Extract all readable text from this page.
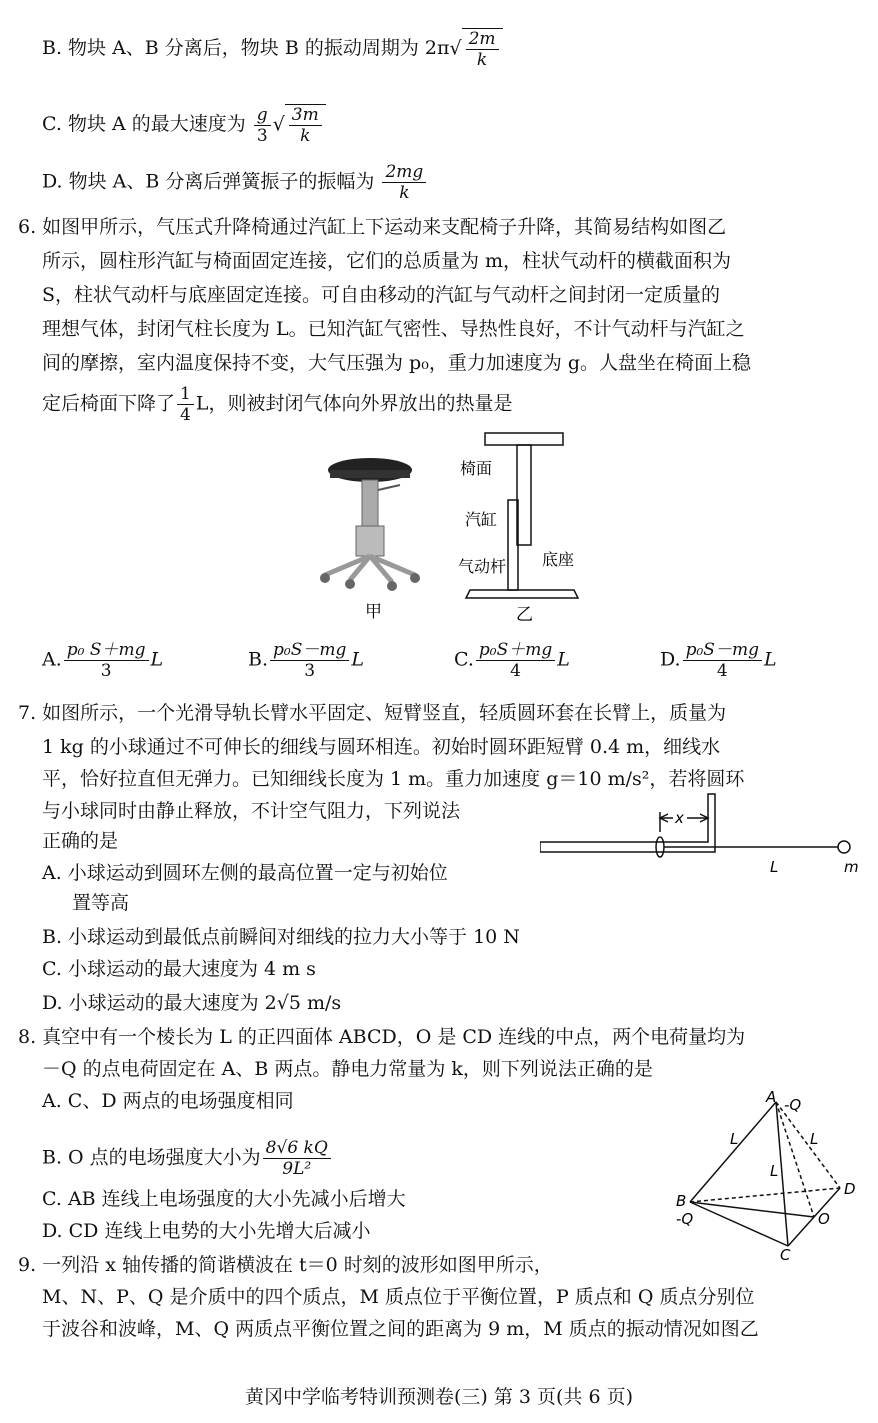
B. 物块 A、B 分离后，物块 B 的振动周期为 $2\pi√ \frac{2m}{k}$
C. 物块 A 的最大速度为 $\frac{g}{3}$ √ $\frac{3m}{k}$
D. 物块 A、B 分离后弹簧振子的振幅为 $\frac{2mg}{k}$
6. 如图甲所示，气压式升降椅通过汽缸上下运动来支配椅子升降，其简易结构如图乙
所示，圆柱形汽缸与椅面固定连接，它们的总质量为 m，柱状气动杆的横截面积为
S，柱状气动杆与底座固定连接。可自由移动的汽缸与气动杆之间封闭一定质量的
理想气体，封闭气柱长度为 L。已知汽缸气密性、导热性良好，不计气动杆与汽缸之
间的摩擦，室内温度保持不变，大气压强为 p₀，重力加速度为 g。人盘坐在椅面上稳
定后椅面下降了 $\frac{1}{4}$ L，则被封闭气体向外界放出的热量是
甲
椅面
汽缸
气动杆 底座
乙
A. $\frac{\text{p₀ S＋mg}}{3}$ L	B. $\frac{\text{p₀S－mg}}{3}$ L	C. $\frac{\text{p₀S＋mg}}{4}$ L	D. $\frac{\text{p₀S－mg}}{4}$ L
7. 如图所示，一个光滑导轨长臂水平固定、短臂竖直，轻质圆环套在长臂上，质量为
1 kg 的小球通过不可伸长的细线与圆环相连。初始时圆环距短臂 0.4 m，细线水
平，恰好拉直但无弹力。已知细线长度为 1 m。重力加速度 g＝10 m/s²，若将圆环
与小球同时由静止释放，不计空气阻力，下列说法
正确的是
A. 小球运动到圆环左侧的最高位置一定与初始位
置等高
B. 小球运动到最低点前瞬间对细线的拉力大小等于 10 N
C. 小球运动的最大速度为 4 m s
D. 小球运动的最大速度为 2√5 m/s

x
L	m
8. 真空中有一个棱长为 L 的正四面体 ABCD，O 是 CD 连线的中点，两个电荷量均为
－Q 的点电荷固定在 A、B 两点。静电力常量为 k，则下列说法正确的是
A. C、D 两点的电场强度相同
B. O 点的电场强度大小为 $\frac{8√6 kQ}{\text{9L²}}$
C. AB 连线上电场强度的大小先减小后增大
D. CD 连线上电势的大小先增大后减小
A -Q
B
-Q
C
D
O
L	L
L
9. 一列沿 x 轴传播的简谐横波在 t＝0 时刻的波形如图甲所示，
M、N、P、Q 是介质中的四个质点，M 质点位于平衡位置，P 质点和 Q 质点分别位
于波谷和波峰，M、Q 两质点平衡位置之间的距离为 9 m，M 质点的振动情况如图乙
黄冈中学临考特训预测卷(三) 第 3 页(共 6 页)
